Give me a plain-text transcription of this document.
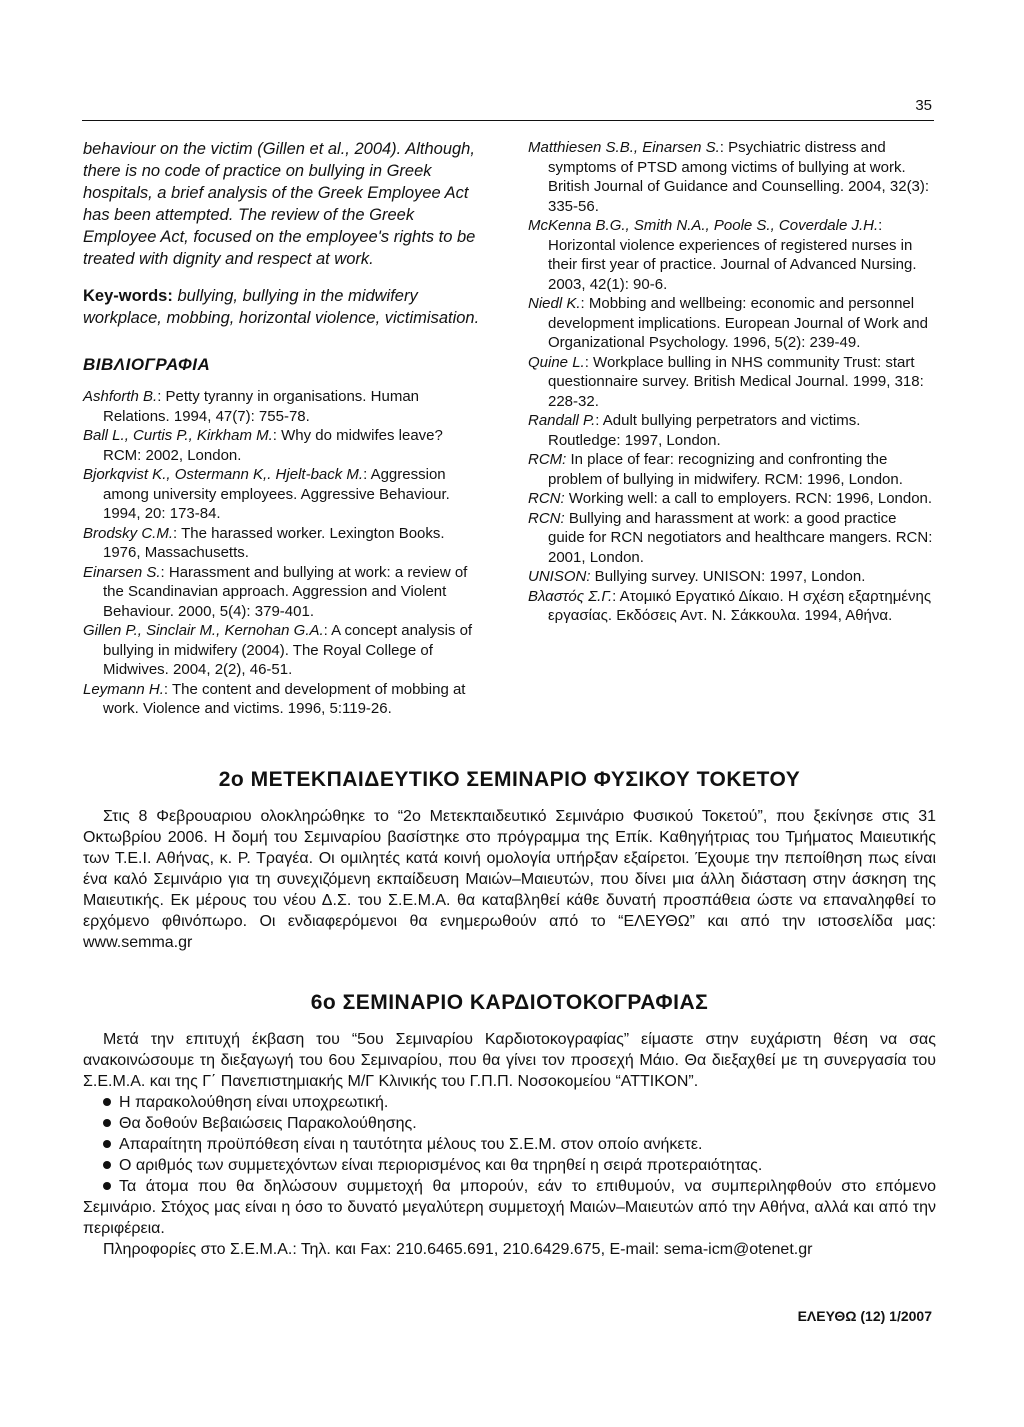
35

behaviour on the victim (Gillen et al., 2004). Although, there is no code of practice on bullying in Greek hospitals, a brief analysis of the Greek Employee Act has been attempted. The review of the Greek Employee Act, focused on the employee's rights to be treated with dignity and respect at work.

Key-words: bullying, bullying in the midwifery workplace, mobbing, horizontal violence, victimisation.

ΒΙΒΛΙΟΓΡΑΦΙΑ

Ashforth B.: Petty tyranny in organisations. Human Relations. 1994, 47(7): 755-78.

Ball L., Curtis P., Kirkham M.: Why do midwifes leave? RCM: 2002, London.

Bjorkqvist K., Ostermann K,. Hjelt-back M.: Aggression among university employees. Aggressive Behaviour. 1994, 20: 173-84.

Brodsky C.M.: The harassed worker. Lexington Books. 1976, Massachusetts.

Einarsen S.: Harassment and bullying at work: a review of the Scandinavian approach. Aggression and Violent Behaviour. 2000, 5(4): 379-401.

Gillen P., Sinclair M., Kernohan G.A.: A concept analysis of bullying in midwifery (2004). The Royal College of Midwives. 2004, 2(2), 46-51.

Leymann H.: The content and development of mobbing at work. Violence and victims. 1996, 5:119-26.

Matthiesen S.B., Einarsen S.: Psychiatric distress and symptoms of PTSD among victims of bullying at work. British Journal of Guidance and Counselling. 2004, 32(3): 335-56.

McKenna B.G., Smith N.A., Poole S., Coverdale J.H.: Horizontal violence experiences of registered nurses in their first year of practice. Journal of Advanced Nursing. 2003, 42(1): 90-6.

Niedl K.: Mobbing and wellbeing: economic and personnel development implications. European Journal of Work and Organizational Psychology. 1996, 5(2): 239-49.

Quine L.: Workplace bulling in NHS community Trust: start questionnaire survey. British Medical Journal. 1999, 318: 228-32.

Randall P.: Adult bullying perpetrators and victims. Routledge: 1997, London.

RCM: In place of fear: recognizing and confronting the problem of bullying in midwifery. RCM: 1996, London.

RCN: Working well: a call to employers. RCN: 1996, London.

RCN: Bullying and harassment at work: a good practice guide for RCN negotiators and healthcare mangers. RCN: 2001, London.

UNISON: Bullying survey. UNISON: 1997, London.

Βλαστός Σ.Γ.: Ατομικό Εργατικό Δίκαιο. Η σχέση εξαρτημένης εργασίας. Εκδόσεις Αντ. Ν. Σάκκουλα. 1994, Αθήνα.

2ο ΜΕΤΕΚΠΑΙΔΕΥΤΙΚΟ ΣΕΜΙΝΑΡΙΟ ΦΥΣΙΚΟΥ ΤΟΚΕΤΟΥ

Στις 8 Φεβρουαριου ολοκληρώθηκε το “2ο Μετεκπαιδευτικό Σεμινάριο Φυσικού Τοκετού”, που ξεκίνησε στις 31 Οκτωβρίου 2006. Η δομή του Σεμιναρίου βασίστηκε στο πρόγραμμα της Επίκ. Καθηγήτριας του Τμήματος Μαιευτικής των Τ.Ε.Ι. Αθήνας, κ. Ρ. Τραγέα. Οι ομιλητές κατά κοινή ομολογία υπήρξαν εξαίρετοι. Έχουμε την πεποίθηση πως είναι ένα καλό Σεμινάριο για τη συνεχιζόμενη εκπαίδευση Μαιών–Μαιευτών, που δίνει μια άλλη διάσταση στην άσκηση της Μαιευτικής. Εκ μέρους του νέου Δ.Σ. του Σ.Ε.Μ.Α. θα καταβληθεί κάθε δυνατή προσπάθεια ώστε να επαναληφθεί το ερχόμενο φθινόπωρο. Οι ενδιαφερόμενοι θα ενημερωθούν από το “ΕΛΕΥΘΩ” και από την ιστοσελίδα μας: www.semma.gr

6ο ΣΕΜΙΝΑΡΙΟ ΚΑΡΔΙΟΤΟΚΟΓΡΑΦΙΑΣ

Μετά την επιτυχή έκβαση του “5ου Σεμιναρίου Καρδιοτοκογραφίας” είμαστε στην ευχάριστη θέση να σας ανακοινώσουμε τη διεξαγωγή του 6ου Σεμιναρίου, που θα γίνει τον προσεχή Μάιο. Θα διεξαχθεί με τη συνεργασία του Σ.Ε.Μ.Α. και της Γ΄ Πανεπιστημιακής Μ/Γ Κλινικής του Γ.Π.Π. Νοσοκομείου “ΑΤΤΙΚΟΝ”.

Η παρακολούθηση είναι υποχρεωτική.
Θα δοθούν Βεβαιώσεις Παρακολούθησης.
Απαραίτητη προϋπόθεση είναι η ταυτότητα μέλους του Σ.Ε.Μ. στον οποίο ανήκετε.
Ο αριθμός των συμμετεχόντων είναι περιορισμένος και θα τηρηθεί η σειρά προτεραιότητας.
Τα άτομα που θα δηλώσουν συμμετοχή θα μπορούν, εάν το επιθυμούν, να συμπεριληφθούν στο επόμενο Σεμινάριο. Στόχος μας είναι η όσο το δυνατό μεγαλύτερη συμμετοχή Μαιών–Μαιευτών από την Αθήνα, αλλά και από την περιφέρεια.

Πληροφορίες στο Σ.Ε.Μ.Α.: Τηλ. και Fax: 210.6465.691, 210.6429.675, E-mail: sema-icm@otenet.gr

ΕΛΕΥΘΩ (12) 1/2007
